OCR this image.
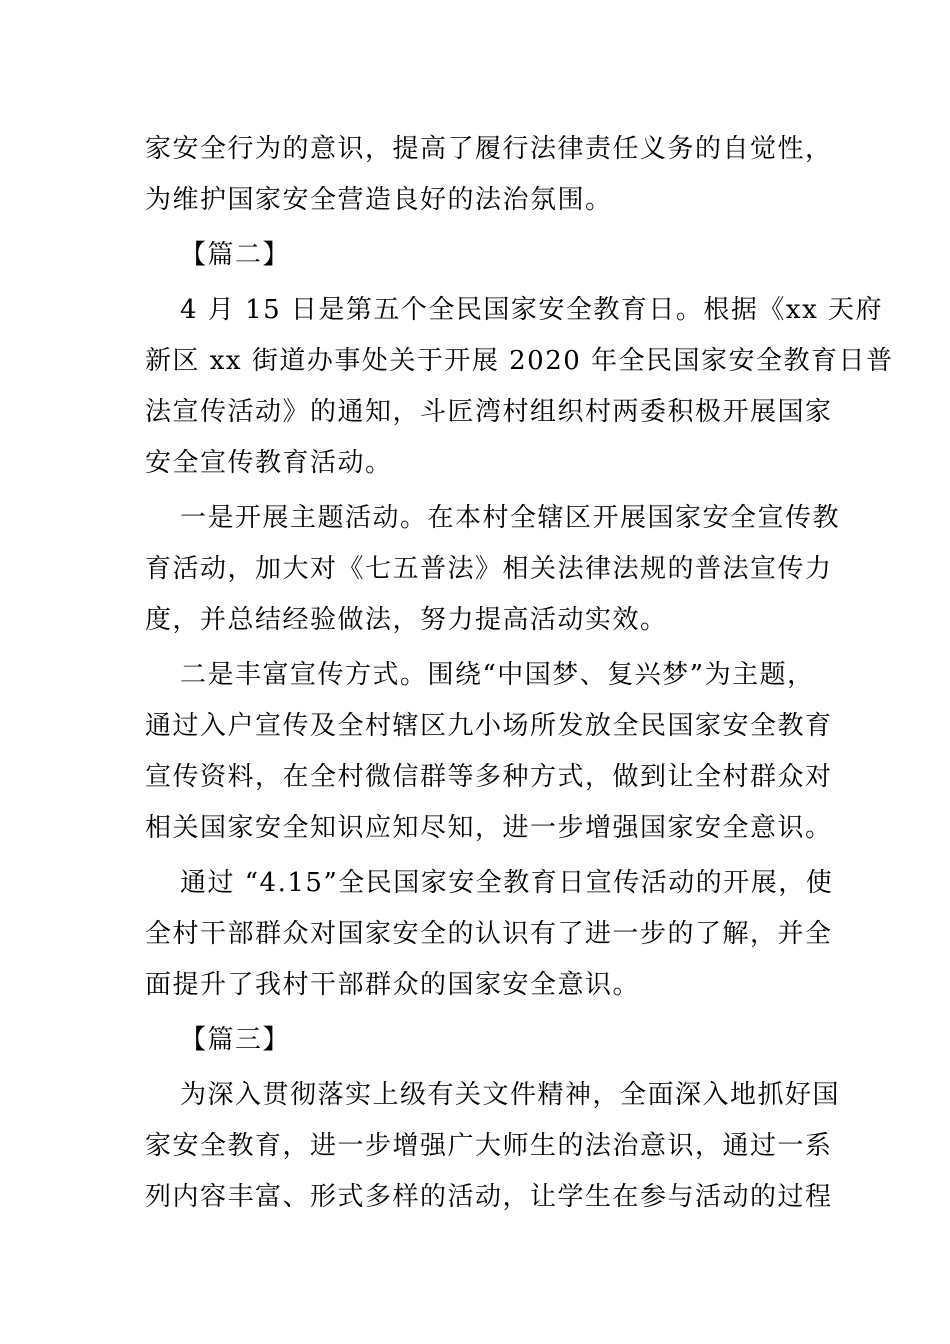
家安全行为的意识，提高了履行法律责任义务的自觉性，
为维护国家安全营造良好的法治氛围。
【篇二】
4 月 15 日是第五个全民国家安全教育日。根据《xx 天府
新区 xx 街道办事处关于开展 2020 年全民国家安全教育日普
法宣传活动》的通知，斗匠湾村组织村两委积极开展国家
安全宣传教育活动。
一是开展主题活动。在本村全辖区开展国家安全宣传教
育活动，加大对《七五普法》相关法律法规的普法宣传力
度，并总结经验做法，努力提高活动实效。
二是丰富宣传方式。围绕“中国梦、复兴梦”为主题，
通过入户宣传及全村辖区九小场所发放全民国家安全教育
宣传资料，在全村微信群等多种方式，做到让全村群众对
相关国家安全知识应知尽知，进一步增强国家安全意识。
通过 “4.15”全民国家安全教育日宣传活动的开展，使
全村干部群众对国家安全的认识有了进一步的了解，并全
面提升了我村干部群众的国家安全意识。
【篇三】
为深入贯彻落实上级有关文件精神，全面深入地抓好国
家安全教育，进一步增强广大师生的法治意识，通过一系
列内容丰富、形式多样的活动，让学生在参与活动的过程
